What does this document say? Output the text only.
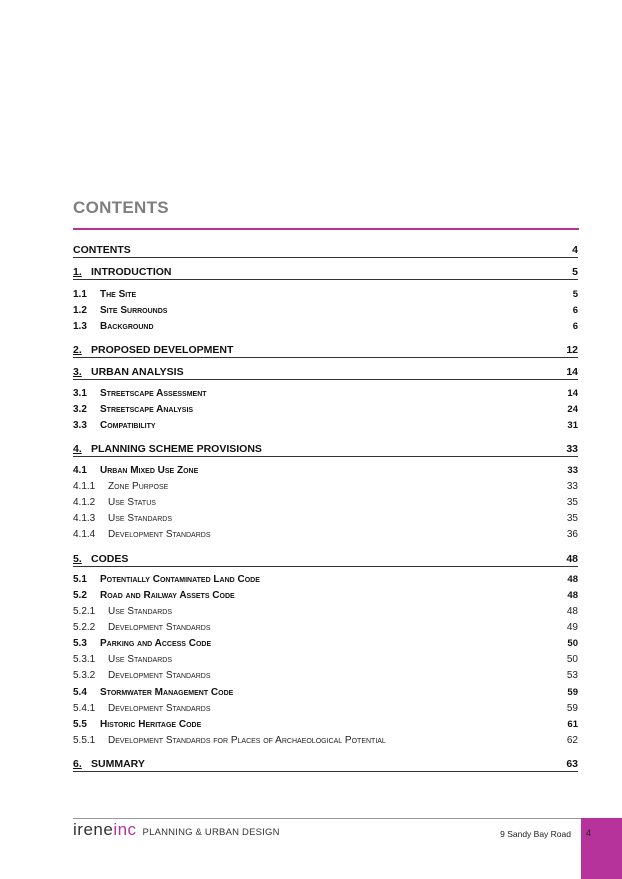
CONTENTS
CONTENTS	4
1. INTRODUCTION	5
1.1	The Site	5
1.2	Site Surrounds	6
1.3	Background	6
2. PROPOSED DEVELOPMENT	12
3. URBAN ANALYSIS	14
3.1	Streetscape Assessment	14
3.2	Streetscape Analysis	24
3.3	Compatibility	31
4. PLANNING SCHEME PROVISIONS	33
4.1	Urban Mixed Use Zone	33
4.1.1	Zone Purpose	33
4.1.2	Use Status	35
4.1.3	Use Standards	35
4.1.4	Development Standards	36
5. CODES	48
5.1	Potentially Contaminated Land Code	48
5.2	Road and Railway Assets Code	48
5.2.1	Use Standards	48
5.2.2	Development Standards	49
5.3	Parking and Access Code	50
5.3.1	Use Standards	50
5.3.2	Development Standards	53
5.4	Stormwater Management Code	59
5.4.1	Development Standards	59
5.5	Historic Heritage Code	61
5.5.1	Development Standards for Places of Archaeological Potential	62
6. SUMMARY	63
irene inc PLANNING & URBAN DESIGN	9 Sandy Bay Road 4
